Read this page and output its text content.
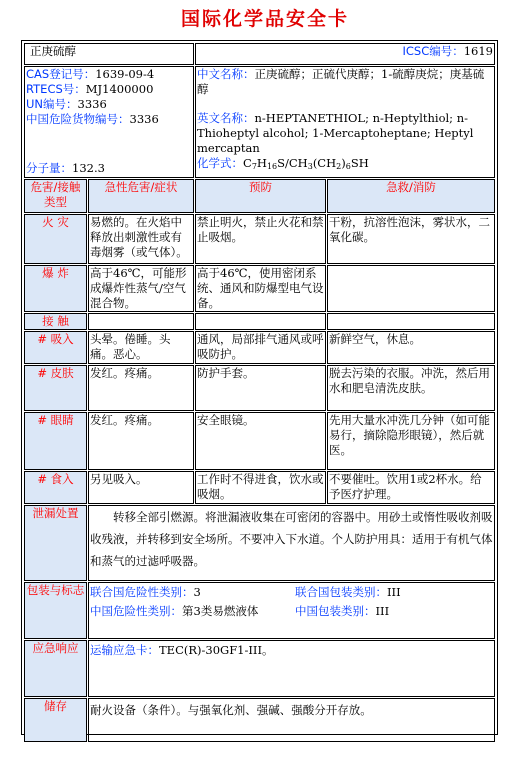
国际化学品安全卡
正庚硫醇		ICSC编号：1619	

CAS登记号：1639-09-4
RTECS号：MJ1400000
UN编号：3336
中国危险货物编号：3336
分子量：132.3		中文名称：正庚硫醇；正硫代庚醇；1-硫醇庚烷；庚基硫醇
英文名称：n-HEPTANETHIOL; n-Heptylthiol; n-Thioheptyl alcohol; 1-Mercaptoheptane; Heptyl mercaptan
化学式：$C_7H_{16}S/CH_3(CH_2)_6SH$	

危害/接触类型	急性危害/症状	预防	急救/消防
火 灾	易燃的。在火焰中释放出刺激性或有毒烟雾（或气体）。	禁止明火，禁止火花和禁止吸烟。	干粉，抗溶性泡沫，雾状水，二氧化碳。
爆 炸	高于46℃，可能形成爆炸性蒸气/空气混合物。	高于46℃，使用密闭系统、通风和防爆型电气设备。	
接 触			
# 吸入	头晕。倦睡。头痛。恶心。	通风，局部排气通风或呼吸防护。	新鲜空气，休息。
# 皮肤	发红。疼痛。	防护手套。	脱去污染的衣服。冲洗，然后用水和肥皂清洗皮肤。
# 眼睛	发红。疼痛。	安全眼镜。	先用大量水冲洗几分钟（如可能易行，摘除隐形眼镜），然后就医。
# 食入	另见吸入。	工作时不得进食，饮水或吸烟。	不要催吐。饮用1或2杯水。给予医疗护理。
泄漏处置	转移全部引燃源。将泄漏液收集在可密闭的容器中。用砂土或惰性吸收剂吸收残液，并转移到安全场所。不要冲入下水道。个人防护用具：适用于有机气体和蒸气的过滤呼吸器。		

包装与标志	联合国危险性类别：3 联合国包装类别：III
中国危险性类别：第3类易燃液体 中国包装类别：III		

应急响应	运输应急卡：TEC(R)-30GF1-III。		
储存	耐火设备（条件）。与强氧化剂、强碱、强酸分开存放。		
